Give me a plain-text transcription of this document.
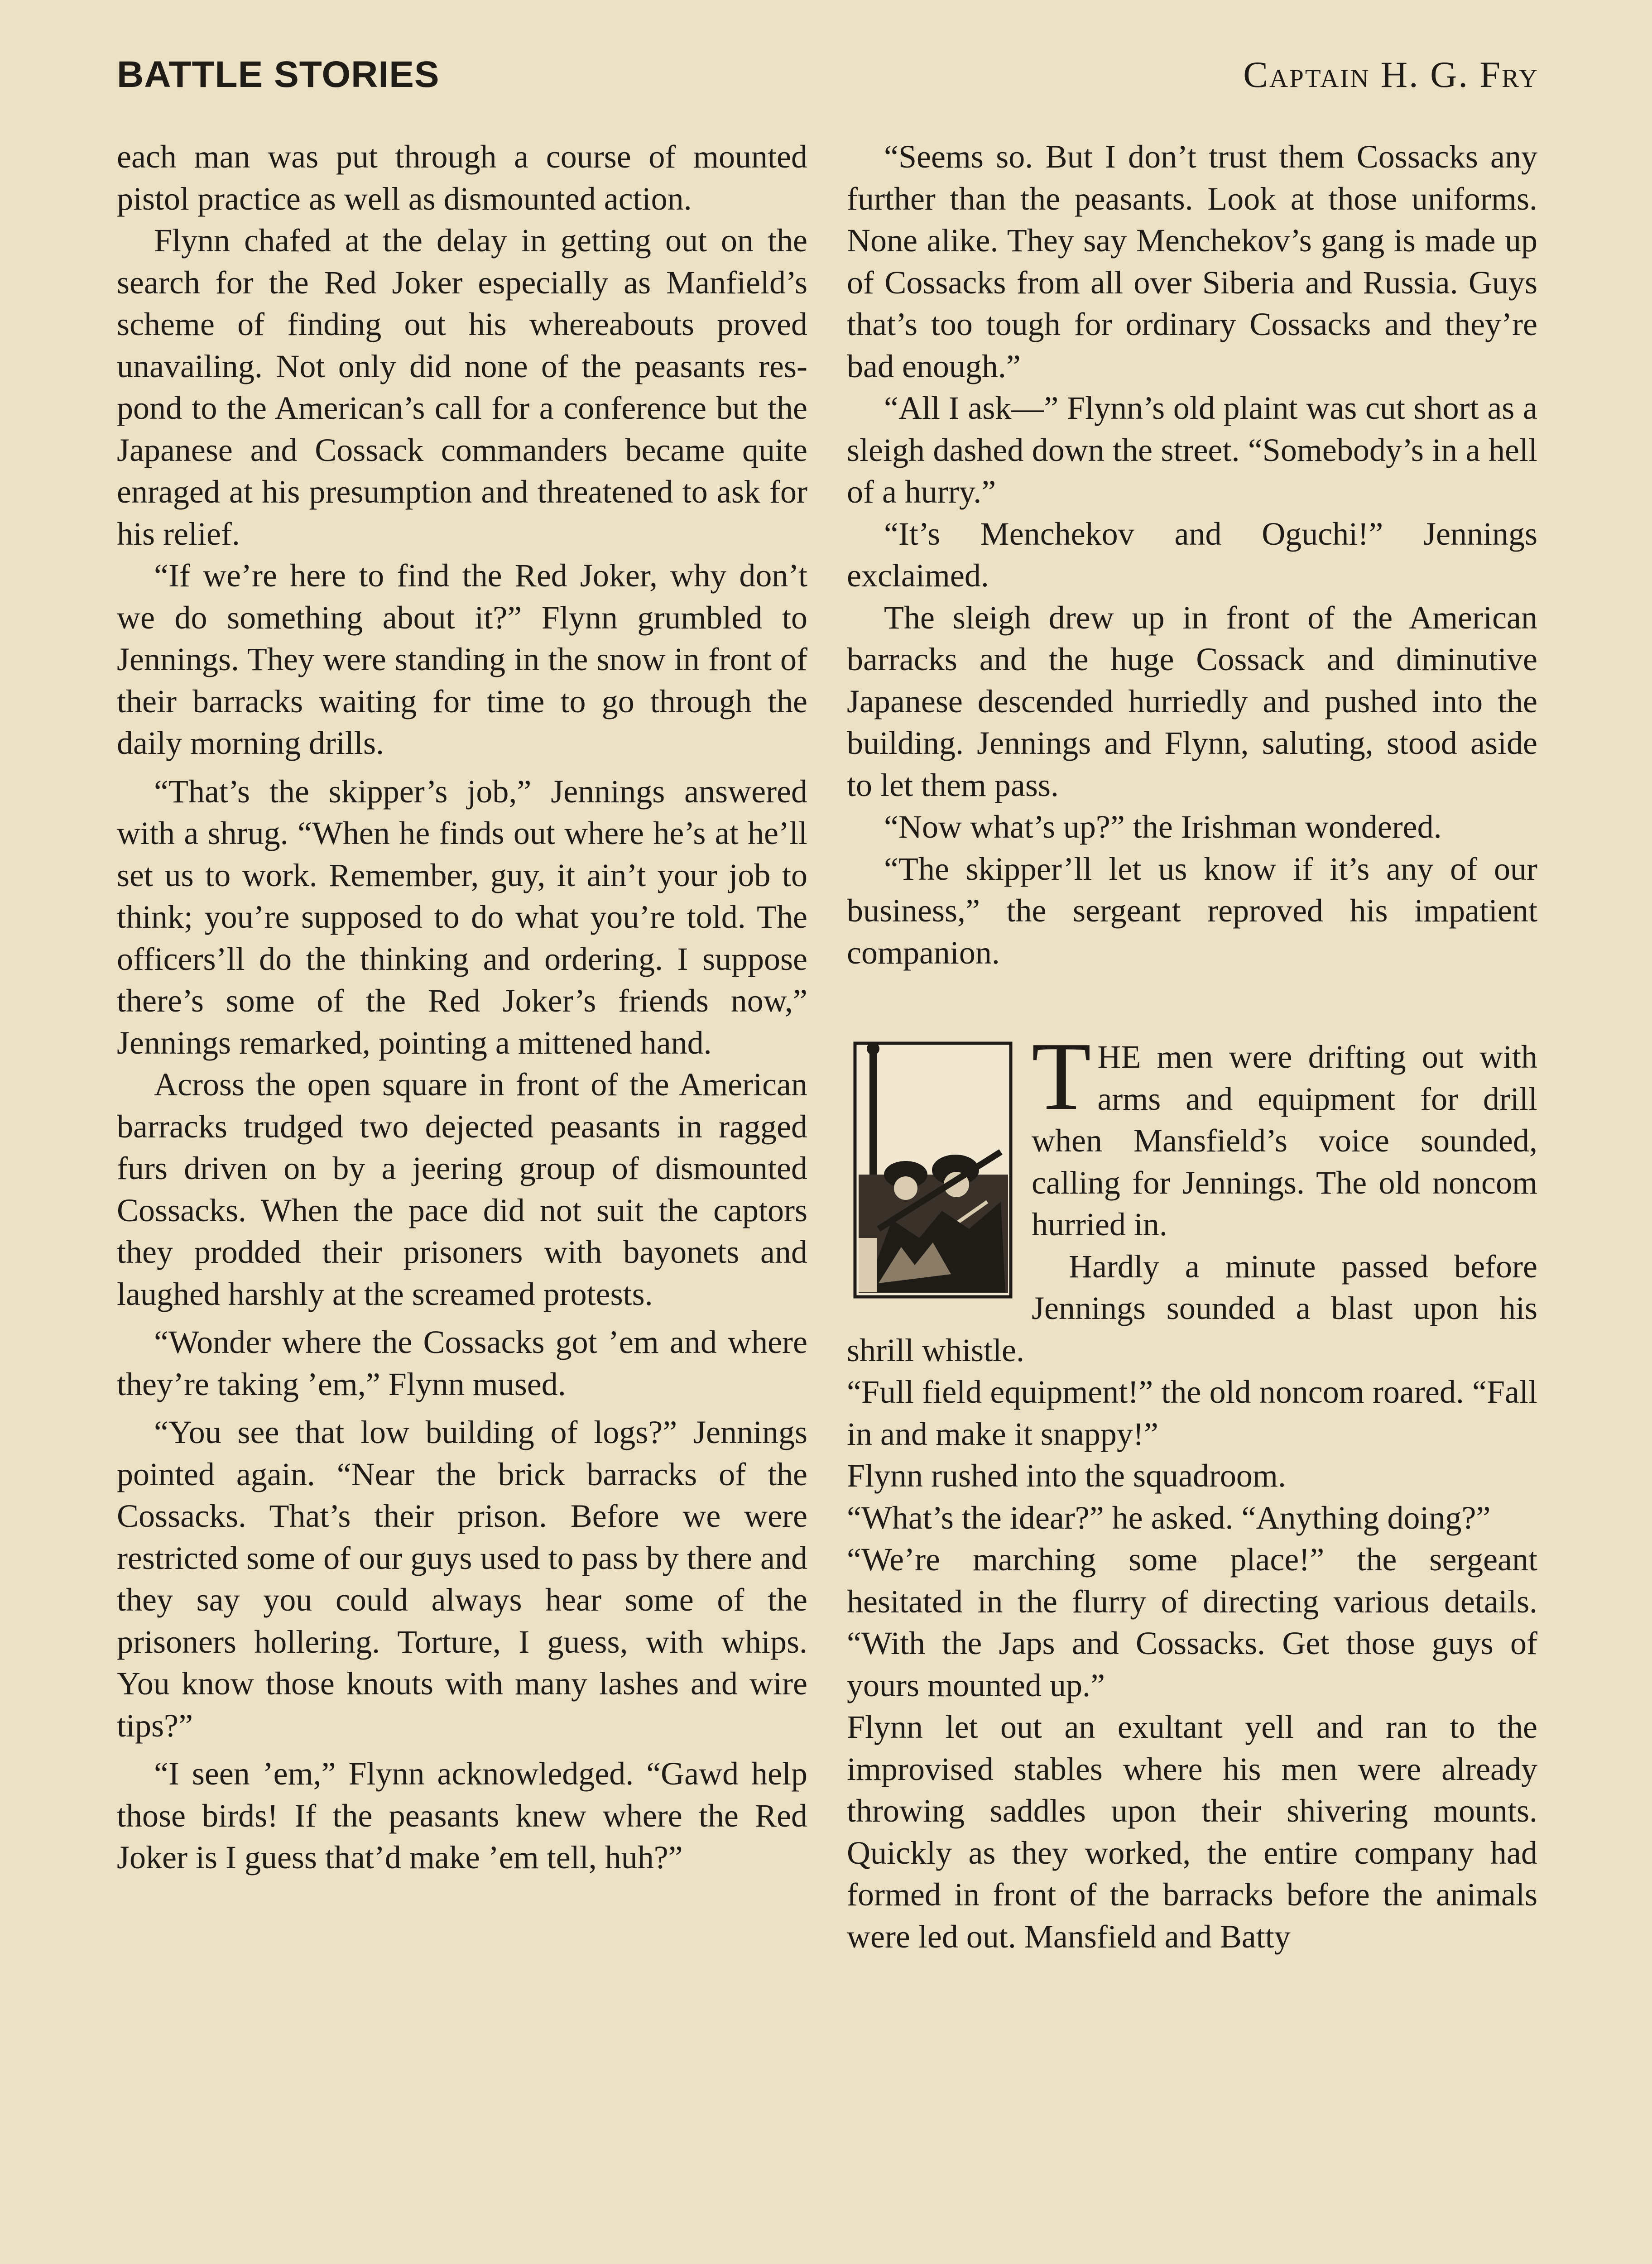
BATTLE STORIES	Captain H. G. Fry

each man was put through a course of mounted pistol practice as well as dismounted action.

Flynn chafed at the delay in getting out on the search for the Red Joker especially as Manfield’s scheme of finding out his whereabouts proved unavailing. Not only did none of the peasants respond to the American’s call for a conference but the Japanese and Cossack commanders became quite enraged at his presumption and threatened to ask for his relief.

“If we’re here to find the Red Joker, why don’t we do something about it?” Flynn grumbled to Jennings. They were standing in the snow in front of their barracks waiting for time to go through the daily morning drills.

“That’s the skipper’s job,” Jennings answered with a shrug. “When he finds out where he’s at he’ll set us to work. Remember, guy, it ain’t your job to think; you’re supposed to do what you’re told. The officers’ll do the thinking and ordering. I suppose there’s some of the Red Joker’s friends now,” Jennings remarked, pointing a mittened hand.

Across the open square in front of the American barracks trudged two dejected peasants in ragged furs driven on by a jeering group of dismounted Cossacks. When the pace did not suit the captors they prodded their prisoners with bayonets and laughed harshly at the screamed protests.

“Wonder where the Cossacks got ’em and where they’re taking ’em,” Flynn mused.

“You see that low building of logs?” Jennings pointed again. “Near the brick barracks of the Cossacks. That’s their prison. Before we were restricted some of our guys used to pass by there and they say you could always hear some of the prisoners hollering. Torture, I guess, with whips. You know those knouts with many lashes and wire tips?”

“I seen ’em,” Flynn acknowledged. “Gawd help those birds! If the peasants knew where the Red Joker is I guess that’d make ’em tell, huh?”

“Seems so. But I don’t trust them Cossacks any further than the peasants. Look at those uniforms. None alike. They say Menchekov’s gang is made up of Cossacks from all over Siberia and Russia. Guys that’s too tough for ordinary Cossacks and they’re bad enough.”

“All I ask—” Flynn’s old plaint was cut short as a sleigh dashed down the street. “Somebody’s in a hell of a hurry.”

“It’s Menchekov and Oguchi!” Jennings exclaimed.

The sleigh drew up in front of the American barracks and the huge Cossack and diminutive Japanese descended hurriedly and pushed into the building. Jennings and Flynn, saluting, stood aside to let them pass.

“Now what’s up?” the Irishman wondered.

“The skipper’ll let us know if it’s any of our business,” the sergeant reproved his impatient companion.

T HE men were drifting out with arms and equipment for drill when Mansfield’s voice sounded, calling for Jennings. The old noncom hurried in.

Hardly a minute passed before Jennings sounded a blast upon his shrill whistle.

“Full field equipment!” the old noncom roared. “Fall in and make it snappy!”

Flynn rushed into the squadroom.

“What’s the idear?” he asked. “Anything doing?”

“We’re marching some place!” the sergeant hesitated in the flurry of directing various details. “With the Japs and Cossacks. Get those guys of yours mounted up.”

Flynn let out an exultant yell and ran to the improvised stables where his men were already throwing saddles upon their shivering mounts. Quickly as they worked, the entire company had formed in front of the barracks before the animals were led out. Mansfield and Batty
